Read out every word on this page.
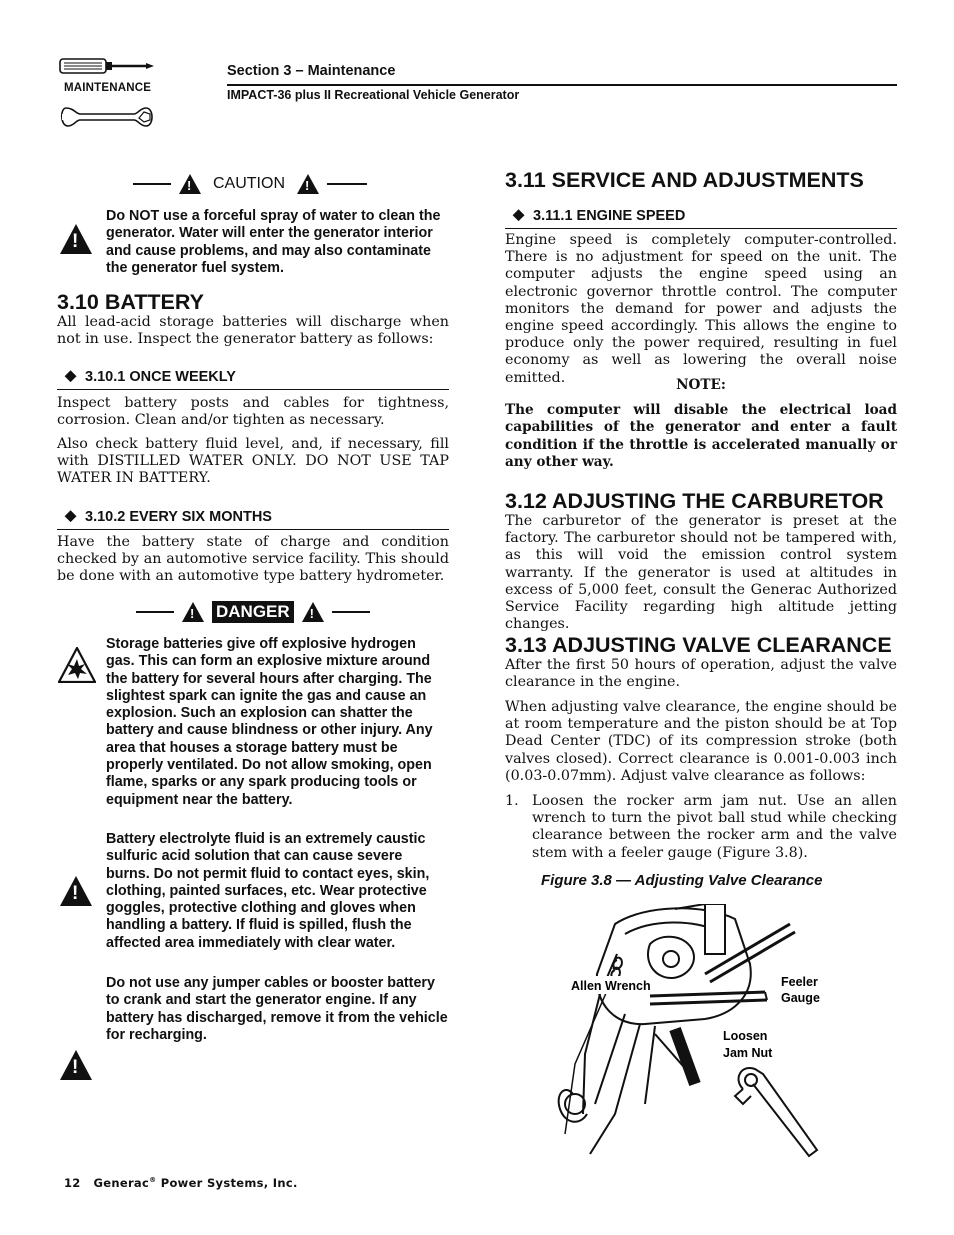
MAINTENANCE
Section 3 – Maintenance
IMPACT-36 plus II Recreational Vehicle Generator
!
CAUTION
!
!

Do NOT use a forceful spray of water to clean the generator. Water will enter the generator interior and cause problems, and may also contaminate the generator fuel system.

3.10 BATTERY

All lead-acid storage batteries will discharge when not in use. Inspect the generator battery as follows:

◆ 3.10.1 ONCE WEEKLY

Inspect battery posts and cables for tightness, corrosion. Clean and/or tighten as necessary.

Also check battery fluid level, and, if necessary, fill with DISTILLED WATER ONLY. DO NOT USE TAP WATER IN BATTERY.

◆ 3.10.2 EVERY SIX MONTHS

Have the battery state of charge and condition checked by an automotive service facility. This should be done with an automotive type battery hydrometer.

!
DANGER
!

Storage batteries give off explosive hydrogen gas. This can form an explosive mixture around the battery for several hours after charging. The slightest spark can ignite the gas and cause an explosion. Such an explosion can shatter the battery and cause blindness or other injury. Any area that houses a storage battery must be properly ventilated. Do not allow smoking, open flame, sparks or any spark producing tools or equipment near the battery.

!

Battery electrolyte fluid is an extremely caustic sulfuric acid solution that can cause severe burns. Do not permit fluid to contact eyes, skin, clothing, painted surfaces, etc. Wear protective goggles, protective clothing and gloves when handling a battery. If fluid is spilled, flush the affected area immediately with clear water.

!

Do not use any jumper cables or booster battery to crank and start the generator engine. If any battery has discharged, remove it from the vehicle for recharging.

3.11 SERVICE AND ADJUSTMENTS
◆ 3.11.1 ENGINE SPEED

Engine speed is completely computer-controlled. There is no adjustment for speed on the unit. The computer adjusts the engine speed using an electronic governor throttle control. The computer monitors the demand for power and adjusts the engine speed accordingly. This allows the engine to produce only the power required, resulting in fuel economy as well as lowering the overall noise emitted.	NOTE:

The computer will disable the electrical load capabilities of the generator and enter a fault condition if the throttle is accelerated manually or any other way.

3.12 ADJUSTING THE CARBURETOR

The carburetor of the generator is preset at the factory. The carburetor should not be tampered with, as this will void the emission control system warranty. If the generator is used at altitudes in excess of 5,000 feet, consult the Generac Authorized Service Facility regarding high altitude jetting changes.

3.13 ADJUSTING VALVE CLEARANCE

After the first 50 hours of operation, adjust the valve clearance in the engine.

When adjusting valve clearance, the engine should be at room temperature and the piston should be at Top Dead Center (TDC) of its compression stroke (both valves closed). Correct clearance is 0.001-0.003 inch (0.03-0.07mm). Adjust valve clearance as follows:

1. Loosen the rocker arm jam nut. Use an allen wrench to turn the pivot ball stud while checking clearance between the rocker arm and the valve stem with a feeler gauge (Figure 3.8).
Figure 3.8 — Adjusting Valve Clearance
Allen Wrench	Feeler
Gauge
Loosen
Jam Nut
12 Generac® Power Systems, Inc.
